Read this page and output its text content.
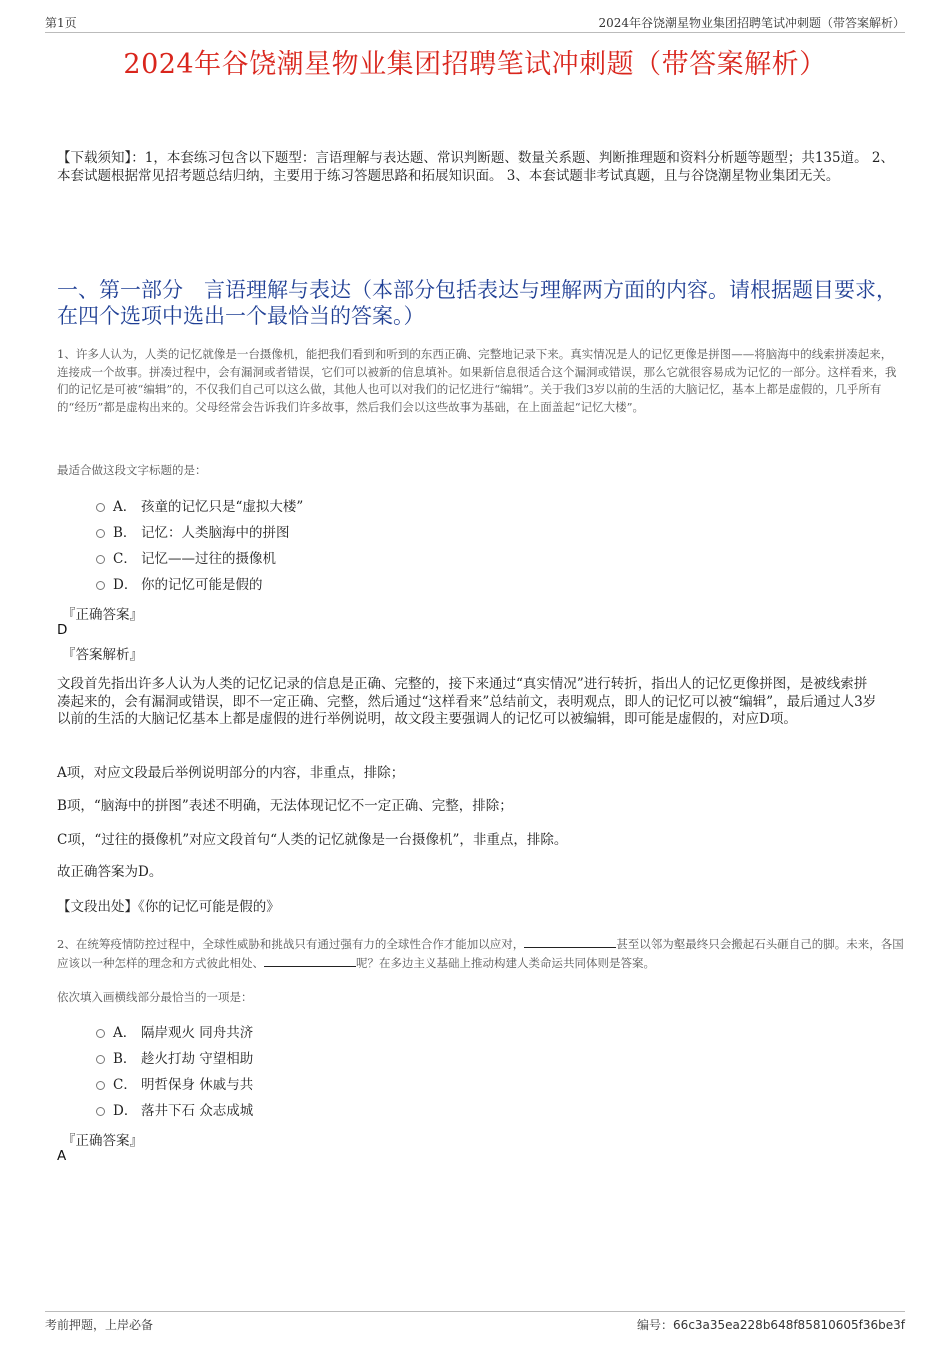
第1页	2024年谷饶潮星物业集团招聘笔试冲刺题（带答案解析）
2024年谷饶潮星物业集团招聘笔试冲刺题（带答案解析）
【下载须知】：1，本套练习包含以下题型：言语理解与表达题、常识判断题、数量关系题、判断推理题和资料分析题等题型；共135道。 2、本套试题根据常见招考题总结归纳，主要用于练习答题思路和拓展知识面。 3、本套试题非考试真题，且与谷饶潮星物业集团无关。
一、第一部分　言语理解与表达（本部分包括表达与理解两方面的内容。请根据题目要求，在四个选项中选出一个最恰当的答案。）
1、许多人认为，人类的记忆就像是一台摄像机，能把我们看到和听到的东西正确、完整地记录下来。真实情况是人的记忆更像是拼图——将脑海中的线索拼凑起来，连接成一个故事。拼凑过程中，会有漏洞或者错误，它们可以被新的信息填补。如果新信息很适合这个漏洞或错误，那么它就很容易成为记忆的一部分。这样看来，我们的记忆是可被“编辑”的，不仅我们自己可以这么做，其他人也可以对我们的记忆进行“编辑”。关于我们3岁以前的生活的大脑记忆，基本上都是虚假的，几乎所有的“经历”都是虚构出来的。父母经常会告诉我们许多故事，然后我们会以这些故事为基础，在上面盖起“记忆大楼”。
最适合做这段文字标题的是：
A． 孩童的记忆只是“虚拟大楼”
B． 记忆：人类脑海中的拼图
C． 记忆——过往的摄像机
D． 你的记忆可能是假的
『正确答案』
D
『答案解析』
文段首先指出许多人认为人类的记忆记录的信息是正确、完整的，接下来通过“真实情况”进行转折，指出人的记忆更像拼图，是被线索拼凑起来的，会有漏洞或错误，即不一定正确、完整，然后通过“这样看来”总结前文，表明观点，即人的记忆可以被“编辑”，最后通过人3岁以前的生活的大脑记忆基本上都是虚假的进行举例说明，故文段主要强调人的记忆可以被编辑，即可能是虚假的，对应D项。
A项，对应文段最后举例说明部分的内容，非重点，排除；
B项，“脑海中的拼图”表述不明确，无法体现记忆不一定正确、完整，排除；
C项，“过往的摄像机”对应文段首句“人类的记忆就像是一台摄像机”，非重点，排除。
故正确答案为D。
【文段出处】《你的记忆可能是假的》
2、在统筹疫情防控过程中，全球性威胁和挑战只有通过强有力的全球性合作才能加以应对，	甚至以邻为壑最终只会搬起石头砸自己的脚。未来，各国应该以一种怎样的理念和方式彼此相处、	呢？在多边主义基础上推动构建人类命运共同体则是答案。
依次填入画横线部分最恰当的一项是：
A． 隔岸观火 同舟共济
B． 趁火打劫 守望相助
C． 明哲保身 休戚与共
D． 落井下石 众志成城
『正确答案』
A
考前押题，上岸必备	编号：66c3a35ea228b648f85810605f36be3f
